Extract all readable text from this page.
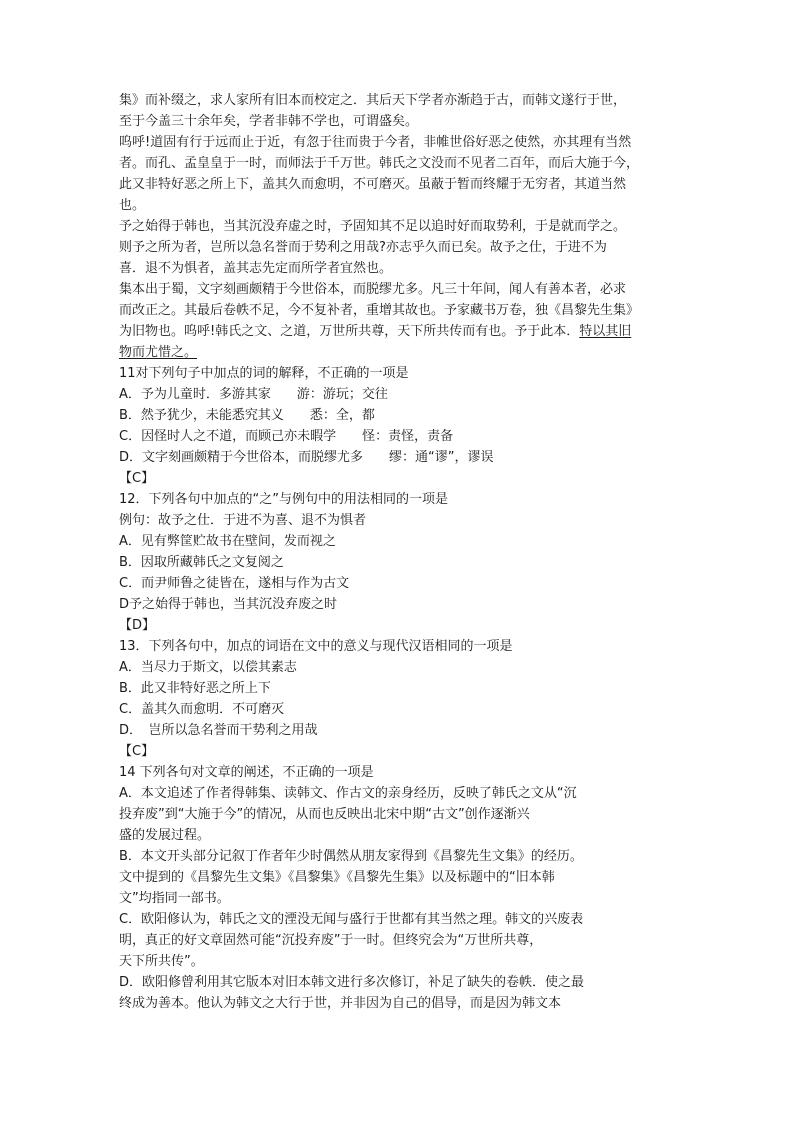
集》而补缀之，求人家所有旧本而校定之．其后天下学者亦渐趋于古，而韩文遂行于世，
至于今盖三十余年矣，学者非韩不学也，可谓盛矣。
呜呼!道固有行于远而止于近，有忽于往而贵于今者，非帷世俗好恶之使然，亦其理有当然
者。而孔、孟皇皇于一时，而师法于千万世。韩氏之文没而不见者二百年，而后大施于今，
此又非特好恶之所上下，盖其久而愈明，不可磨灭。虽蔽于暂而终耀于无穷者，其道当然
也。
予之始得于韩也，当其沉没弃虚之时，予固知其不足以追时好而取势利，于是就而学之。
则予之所为者，岂所以急名誉而于势利之用哉?亦志乎久而已矣。故予之仕，于进不为
喜．退不为惧者，盖其志先定而所学者宜然也。
集本出于蜀，文字刻画颇精于今世俗本，而脱缪尤多。凡三十年间，闻人有善本者，必求
而改正之。其最后卷帙不足，今不复补者，重增其故也。予家藏书万卷，独《昌黎先生集》
为旧物也。呜呼!韩氏之文、之道，万世所共尊，天下所共传而有也。予于此本．特以其旧
物而尤惜之。
11对下列句子中加点的词的解释，不正确的一项是
A．予为儿童时．多游其家　　游：游玩；交往
B．然予犹少，未能悉究其义　　悉：全，都
C．因怪时人之不道，而顾己亦未暇学　　怪：责怪，责备
D．文字刻画颇精于今世俗本，而脱缪尤多　　缪：通“谬”，谬误
【C】
12．下列各句中加点的“之”与例句中的用法相同的一项是
例句：故予之仕．于进不为喜、退不为惧者
A．见有弊筐贮故书在壁间，发而视之
B．因取所藏韩氏之文复阅之
C．而尹师鲁之徒皆在，遂相与作为古文
D予之始得于韩也，当其沉没弃废之时
【D】
13．下列各句中，加点的词语在文中的意义与现代汉语相同的一项是
A．当尽力于斯文，以偿其素志
B．此又非特好恶之所上下
C．盖其久而愈明．不可磨灭
D．　岂所以急名誉而干势利之用哉
【C】
14 下列各句对文章的阐述，不正确的一项是
A．本文追述了作者得韩集、读韩文、作古文的亲身经历，反映了韩氏之文从“沉
投弃废”到“大施于今”的情况，从而也反映出北宋中期“古文”创作逐渐兴
盛的发展过程。
B．本文开头部分记叙丁作者年少时偶然从朋友家得到《昌黎先生文集》的经历。
文中提到的《昌黎先生文集》《昌黎集》《昌黎先生集》以及标题中的“旧本韩
文”均指同一部书。
C．欧阳修认为，韩氏之文的湮没无闻与盛行于世都有其当然之理。韩文的兴废表
明，真正的好文章固然可能“沉投弃废”于一时。但终究会为“万世所共尊，
天下所共传”。
D．欧阳修曾利用其它版本对旧本韩文进行多次修订，补足了缺失的卷帙．使之最
终成为善本。他认为韩文之大行于世，并非因为自己的倡导，而是因为韩文本
